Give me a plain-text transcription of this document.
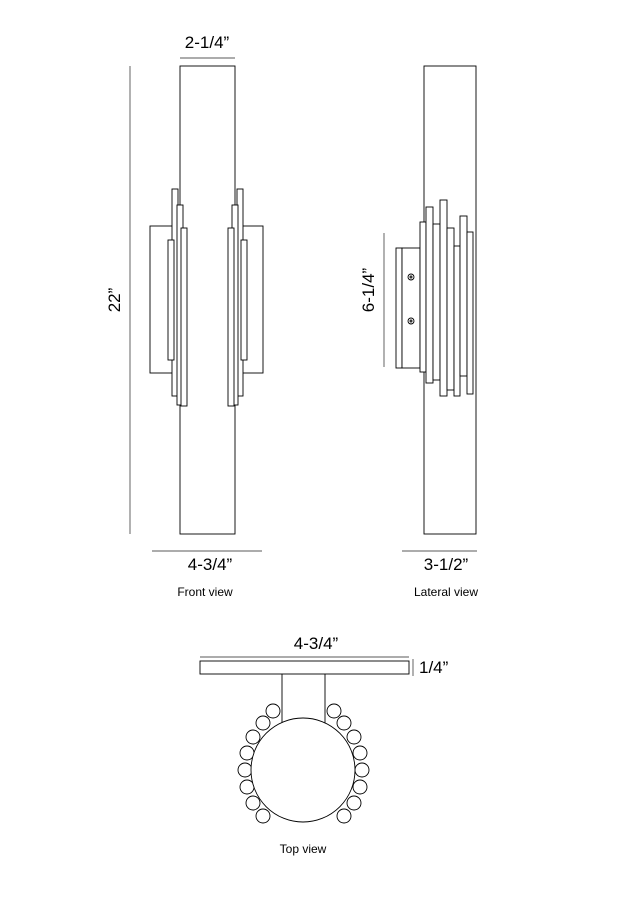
2-1/4”
22”
4-3/4”
Front view
6-1/4”
3-1/2”
Lateral view
4-3/4”
1/4”
Top view
